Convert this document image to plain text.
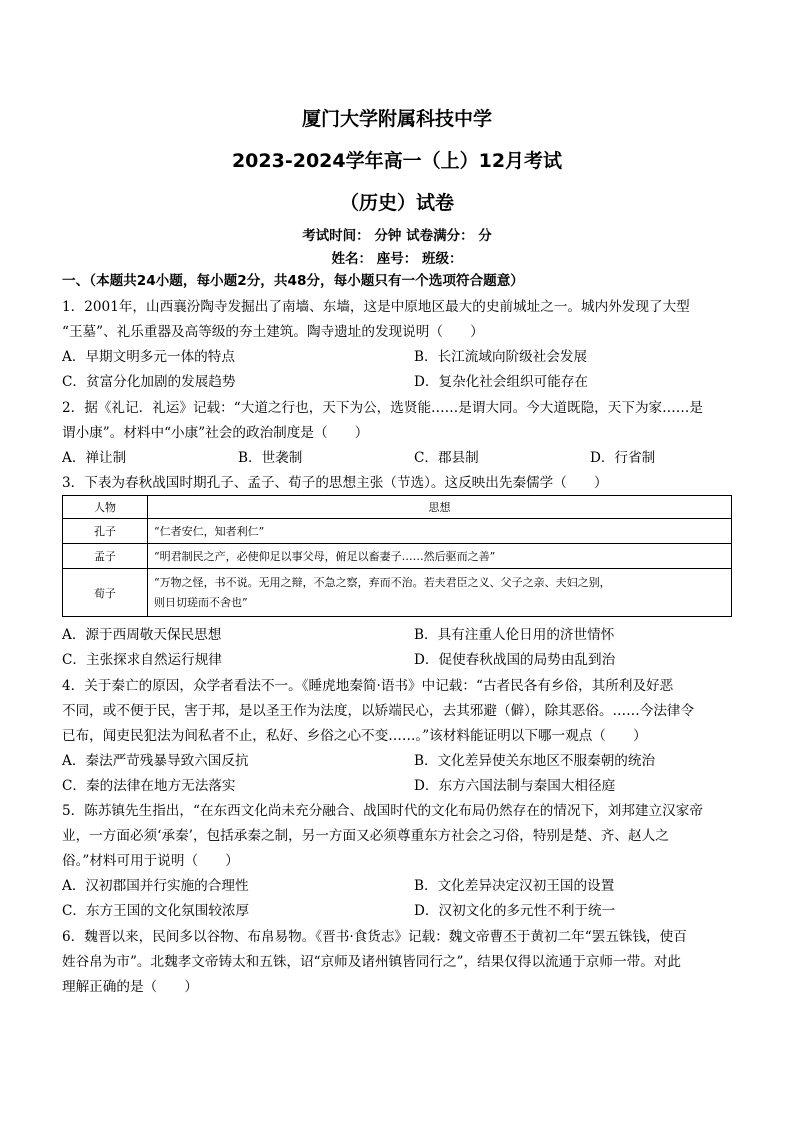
厦门大学附属科技中学
2023-2024学年高一（上）12月考试
（历史）试卷
考试时间： 分钟 试卷满分： 分
姓名： 座号： 班级：
一、（本题共24小题，每小题2分，共48分，每小题只有一个选项符合题意）
1．2001年，山西襄汾陶寺发掘出了南墙、东墙，这是中原地区最大的史前城址之一。城内外发现了大型
“王墓”、礼乐重器及高等级的夯土建筑。陶寺遗址的发现说明（　　）
A．早期文明多元一体的特点	B．长江流域向阶级社会发展
C．贫富分化加剧的发展趋势	D．复杂化社会组织可能存在
2．据《礼记．礼运》记载：“大道之行也，天下为公，选贤能……是谓大同。今大道既隐，天下为家……是
谓小康”。材料中“小康”社会的政治制度是（　　）
A．禅让制	B．世袭制	C．郡县制	D．行省制
3．下表为春秋战国时期孔子、孟子、荀子的思想主张（节选）。这反映出先秦儒学（　　）
人物	思想
孔子	“仁者安仁，知者利仁”
孟子	“明君制民之产，必使仰足以事父母，俯足以畜妻子……然后驱而之善”
荀子	“万物之怪，书不说。无用之辩，不急之察，弃而不治。若夫君臣之义、父子之亲、夫妇之别，
则日切瑳而不舍也”
A．源于西周敬天保民思想	B．具有注重人伦日用的济世情怀
C．主张探求自然运行规律	D．促使春秋战国的局势由乱到治
4．关于秦亡的原因，众学者看法不一。《睡虎地秦简·语书》中记载：“古者民各有乡俗，其所利及好恶
不同，或不便于民，害于邦，是以圣王作为法度，以矫端民心，去其邪避（僻），除其恶俗。……今法律令
已布，闻吏民犯法为间私者不止，私好、乡俗之心不变……。”该材料能证明以下哪一观点（　　）
A．秦法严苛残暴导致六国反抗	B．文化差异使关东地区不服秦朝的统治
C．秦的法律在地方无法落实	D．东方六国法制与秦国大相径庭
5．陈苏镇先生指出，“在东西文化尚未充分融合、战国时代的文化布局仍然存在的情况下，刘邦建立汉家帝
业，一方面必须‘承秦’，包括承秦之制，另一方面又必须尊重东方社会之习俗，特别是楚、齐、赵人之
俗。”材料可用于说明（　　）
A．汉初郡国并行实施的合理性	B．文化差异决定汉初王国的设置
C．东方王国的文化氛围较浓厚	D．汉初文化的多元性不利于统一
6．魏晋以来，民间多以谷物、布帛易物。《晋书·食货志》记载：魏文帝曹丕于黄初二年“罢五铢钱，使百
姓谷帛为市”。北魏孝文帝铸太和五铢，诏“京师及诸州镇皆同行之”，结果仅得以流通于京师一带。对此
理解正确的是（　　）
